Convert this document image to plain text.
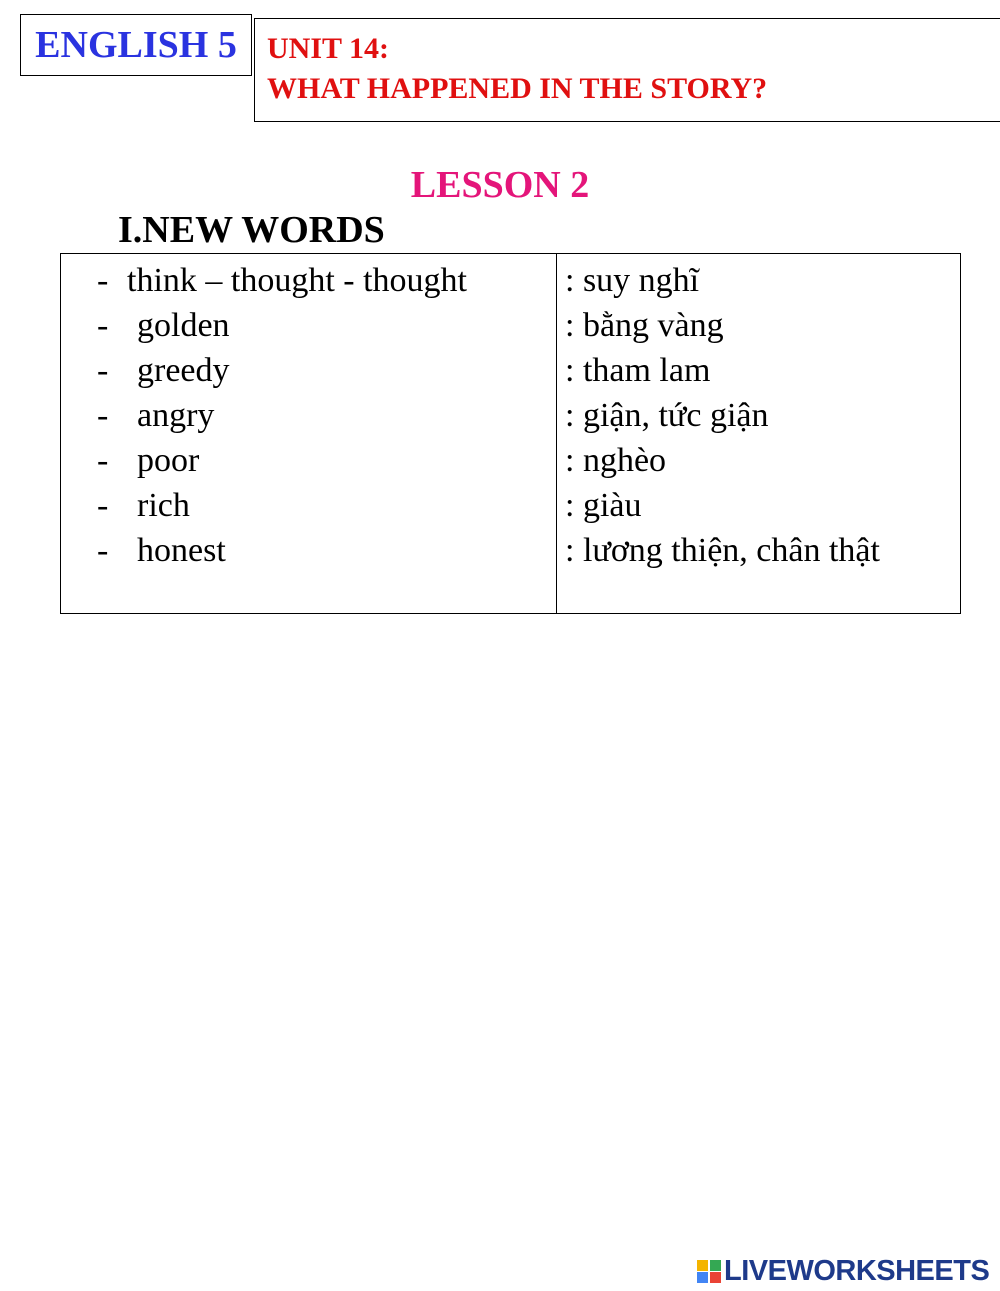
ENGLISH 5 UNIT 14:
WHAT HAPPENED IN THE STORY?
LESSON 2
I.NEW WORDS
- think – thought - thought
- golden
- greedy
- angry
- poor
- rich
- honest
: suy nghĩ
: bằng vàng
: tham lam
: giận, tức giận
: nghèo
: giàu
: lương thiện, chân thật
LIVEWORKSHEETS
